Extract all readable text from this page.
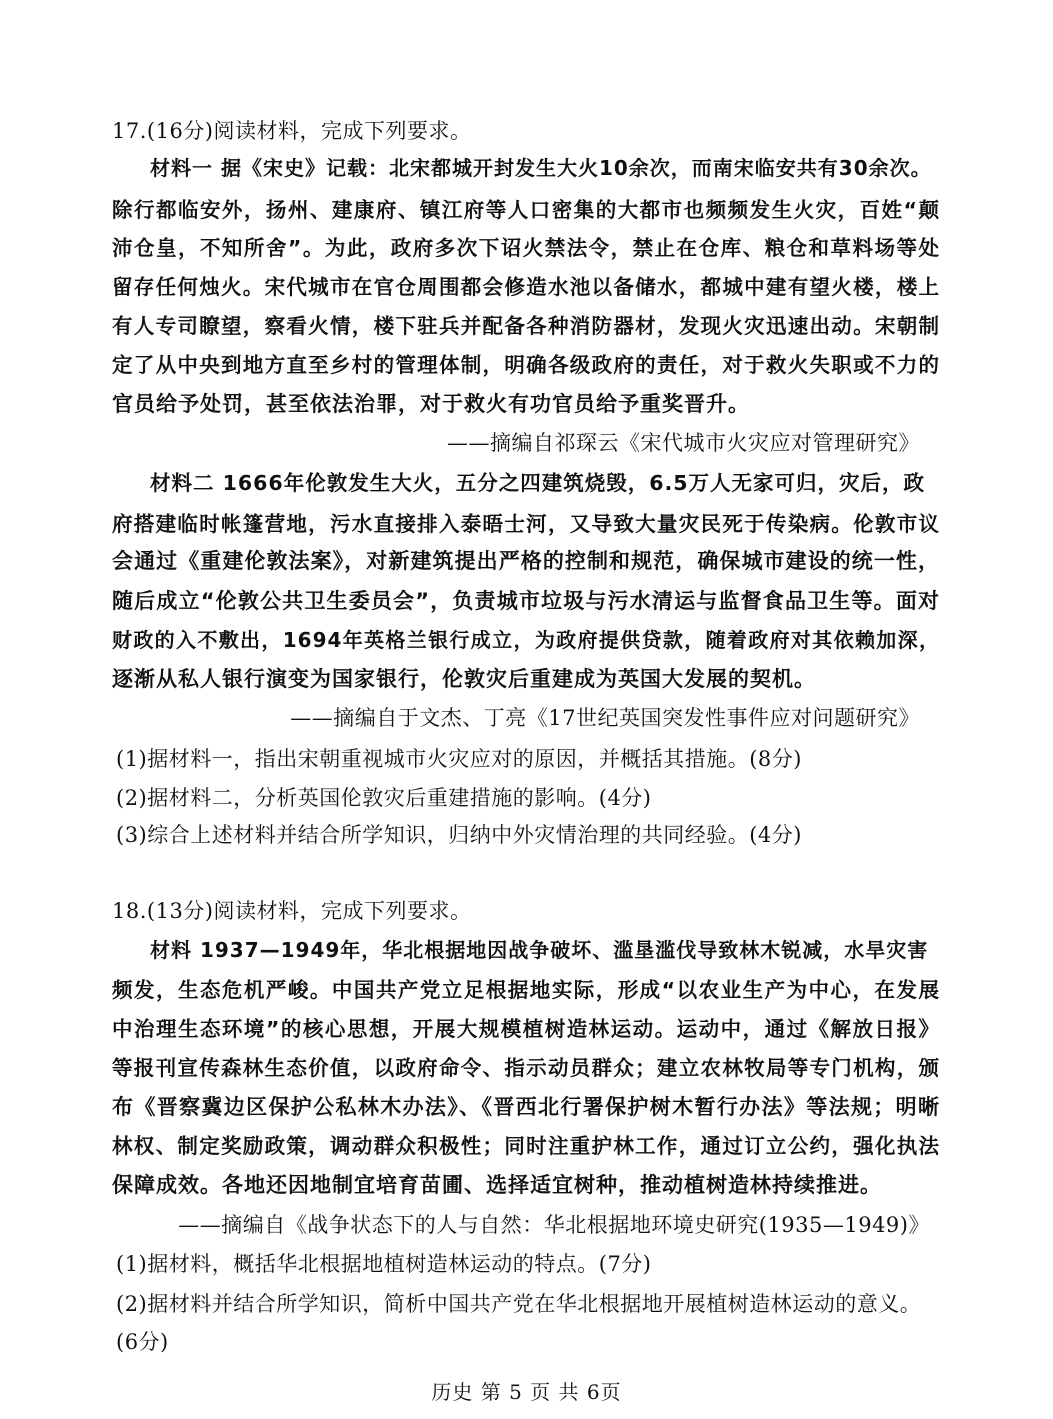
17.(16分)阅读材料，完成下列要求。
材料一 据《宋史》记载：北宋都城开封发生大火10余次，而南宋临安共有30余次。
除行都临安外，扬州、建康府、镇江府等人口密集的大都市也频频发生火灾，百姓“颠
沛仓皇，不知所舍”。为此，政府多次下诏火禁法令，禁止在仓库、粮仓和草料场等处
留存任何烛火。宋代城市在官仓周围都会修造水池以备储水，都城中建有望火楼，楼上
有人专司瞭望，察看火情，楼下驻兵并配备各种消防器材，发现火灾迅速出动。宋朝制
定了从中央到地方直至乡村的管理体制，明确各级政府的责任，对于救火失职或不力的
官员给予处罚，甚至依法治罪，对于救火有功官员给予重奖晋升。
——摘编自祁琛云《宋代城市火灾应对管理研究》
材料二 1666年伦敦发生大火，五分之四建筑烧毁，6.5万人无家可归，灾后，政
府搭建临时帐篷营地，污水直接排入泰晤士河，又导致大量灾民死于传染病。伦敦市议
会通过《重建伦敦法案》，对新建筑提出严格的控制和规范，确保城市建设的统一性，
随后成立“伦敦公共卫生委员会”，负责城市垃圾与污水清运与监督食品卫生等。面对
财政的入不敷出，1694年英格兰银行成立，为政府提供贷款，随着政府对其依赖加深，
逐渐从私人银行演变为国家银行，伦敦灾后重建成为英国大发展的契机。
——摘编自于文杰、丁亮《17世纪英国突发性事件应对问题研究》
(1)据材料一，指出宋朝重视城市火灾应对的原因，并概括其措施。(8分)
(2)据材料二，分析英国伦敦灾后重建措施的影响。(4分)
(3)综合上述材料并结合所学知识，归纳中外灾情治理的共同经验。(4分)
18.(13分)阅读材料，完成下列要求。
材料 1937—1949年，华北根据地因战争破坏、滥垦滥伐导致林木锐减，水旱灾害
频发，生态危机严峻。中国共产党立足根据地实际，形成“以农业生产为中心，在发展
中治理生态环境”的核心思想，开展大规模植树造林运动。运动中，通过《解放日报》
等报刊宣传森林生态价值，以政府命令、指示动员群众；建立农林牧局等专门机构，颁
布《晋察冀边区保护公私林木办法》、《晋西北行署保护树木暂行办法》等法规；明晰
林权、制定奖励政策，调动群众积极性；同时注重护林工作，通过订立公约，强化执法
保障成效。各地还因地制宜培育苗圃、选择适宜树种，推动植树造林持续推进。
——摘编自《战争状态下的人与自然：华北根据地环境史研究(1935—1949)》
(1)据材料，概括华北根据地植树造林运动的特点。(7分)
(2)据材料并结合所学知识，简析中国共产党在华北根据地开展植树造林运动的意义。
(6分)
历史 第 5 页 共 6页
